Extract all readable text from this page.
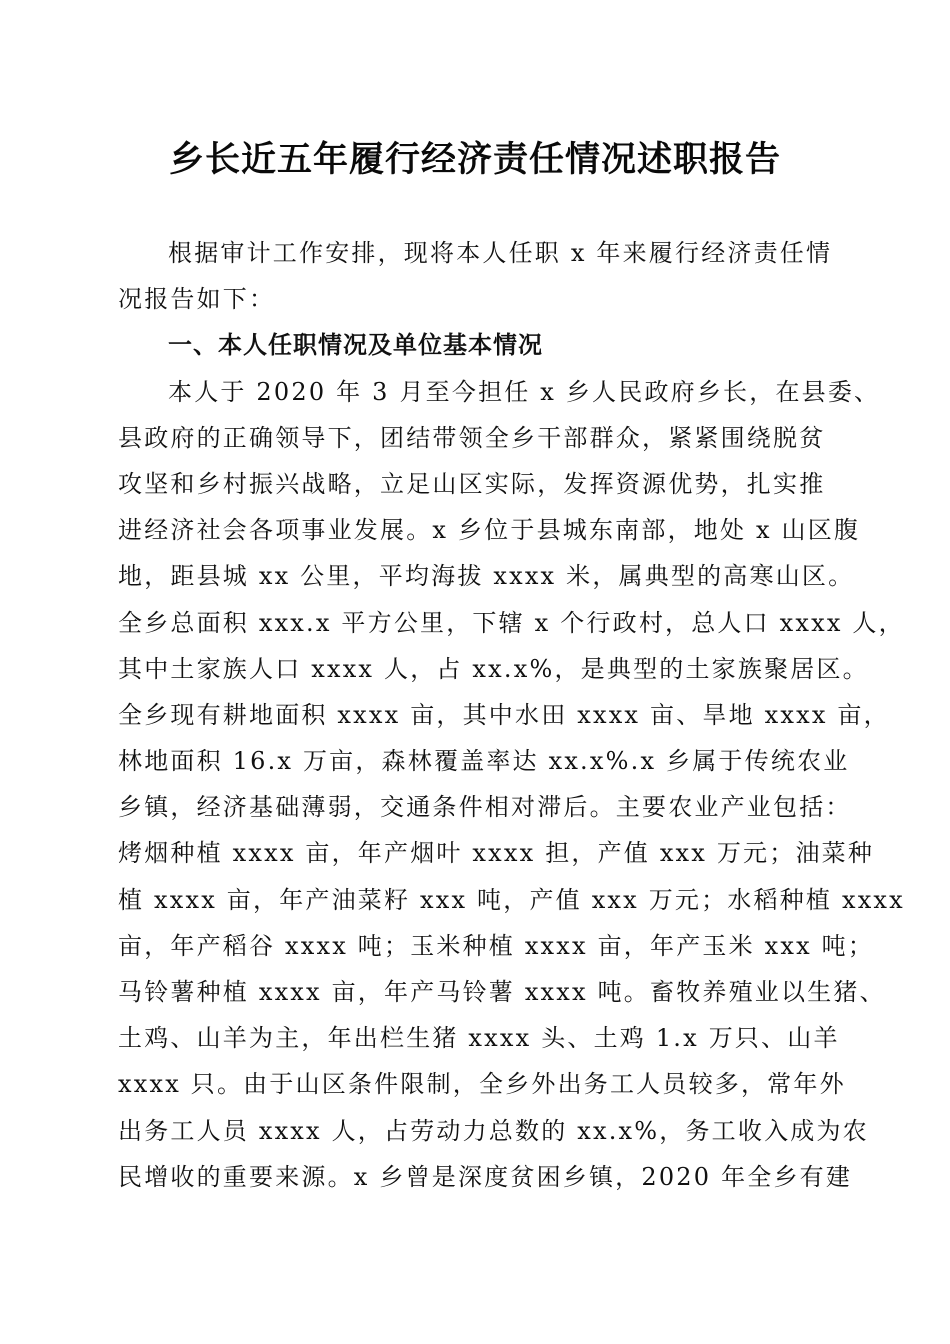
乡长近五年履行经济责任情况述职报告
根据审计工作安排，现将本人任职 x 年来履行经济责任情
况报告如下：
一、本人任职情况及单位基本情况
本人于 2020 年 3 月至今担任 x 乡人民政府乡长，在县委、
县政府的正确领导下，团结带领全乡干部群众，紧紧围绕脱贫
攻坚和乡村振兴战略，立足山区实际，发挥资源优势，扎实推
进经济社会各项事业发展。x 乡位于县城东南部，地处 x 山区腹
地，距县城 xx 公里，平均海拔 xxxx 米，属典型的高寒山区。
全乡总面积 xxx.x 平方公里，下辖 x 个行政村，总人口 xxxx 人，
其中土家族人口 xxxx 人，占 xx.x%，是典型的土家族聚居区。
全乡现有耕地面积 xxxx 亩，其中水田 xxxx 亩、旱地 xxxx 亩，
林地面积 16.x 万亩，森林覆盖率达 xx.x%.x 乡属于传统农业
乡镇，经济基础薄弱，交通条件相对滞后。主要农业产业包括：
烤烟种植 xxxx 亩，年产烟叶 xxxx 担，产值 xxx 万元；油菜种
植 xxxx 亩，年产油菜籽 xxx 吨，产值 xxx 万元；水稻种植 xxxx
亩，年产稻谷 xxxx 吨；玉米种植 xxxx 亩，年产玉米 xxx 吨；
马铃薯种植 xxxx 亩，年产马铃薯 xxxx 吨。畜牧养殖业以生猪、
土鸡、山羊为主，年出栏生猪 xxxx 头、土鸡 1.x 万只、山羊
xxxx 只。由于山区条件限制，全乡外出务工人员较多，常年外
出务工人员 xxxx 人，占劳动力总数的 xx.x%，务工收入成为农
民增收的重要来源。x 乡曾是深度贫困乡镇，2020 年全乡有建
